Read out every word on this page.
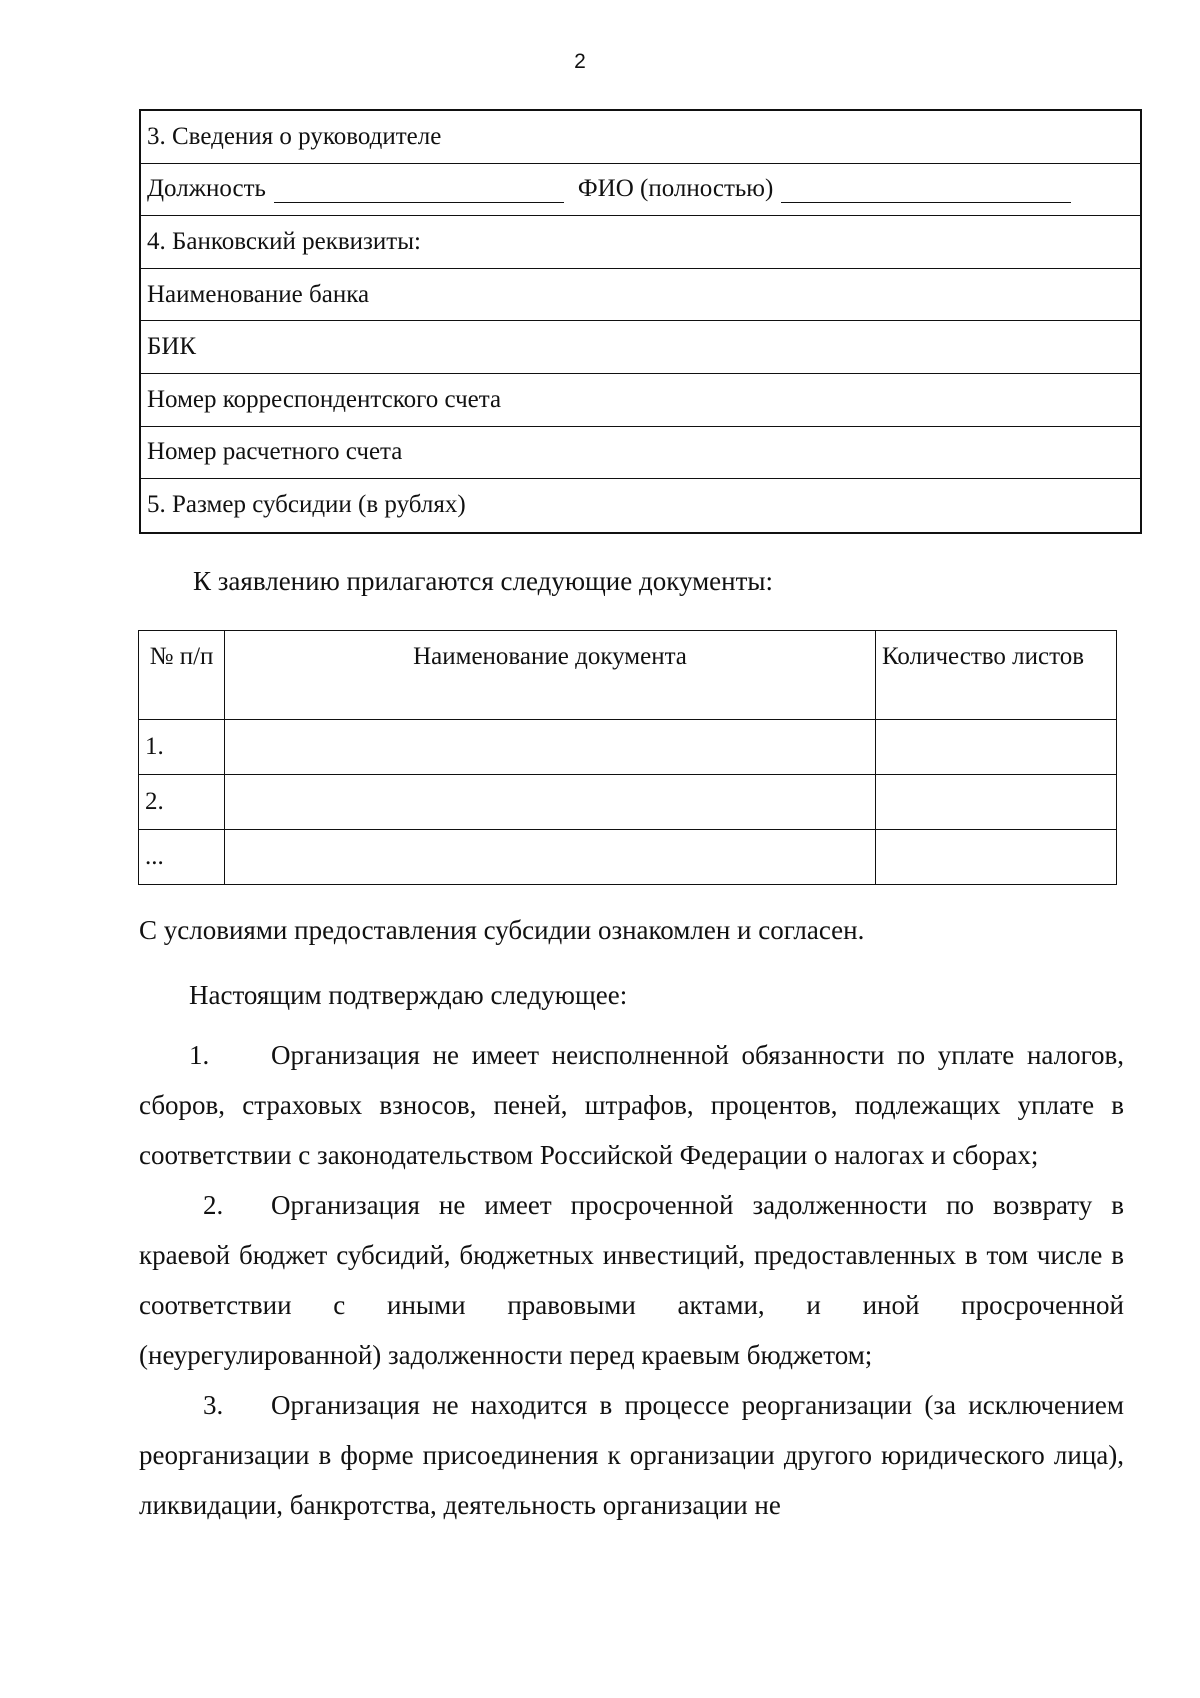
2
3. Сведения о руководителе
Должность	ФИО (полностью)
4. Банковский реквизиты:
Наименование банка
БИК
Номер корреспондентского счета
Номер расчетного счета
5. Размер субсидии (в рублях)
К заявлению прилагаются следующие документы:
№ п/п	Наименование документа	Количество листов
1.		
2.		
...		
С условиями предоставления субсидии ознакомлен и согласен.
Настоящим подтверждаю следующее:

1. Организация не имеет неисполненной обязанности по уплате налогов, сборов, страховых взносов, пеней, штрафов, процентов, подлежащих уплате в соответствии с законодательством Российской Федерации о налогах и сборах;

2. Организация не имеет просроченной задолженности по возврату в краевой бюджет субсидий, бюджетных инвестиций, предоставленных в том числе в соответствии с иными правовыми актами, и иной просроченной (неурегулированной) задолженности перед краевым бюджетом;

3. Организация не находится в процессе реорганизации (за исключением реорганизации в форме присоединения к организации другого юридического лица), ликвидации, банкротства, деятельность организации не
